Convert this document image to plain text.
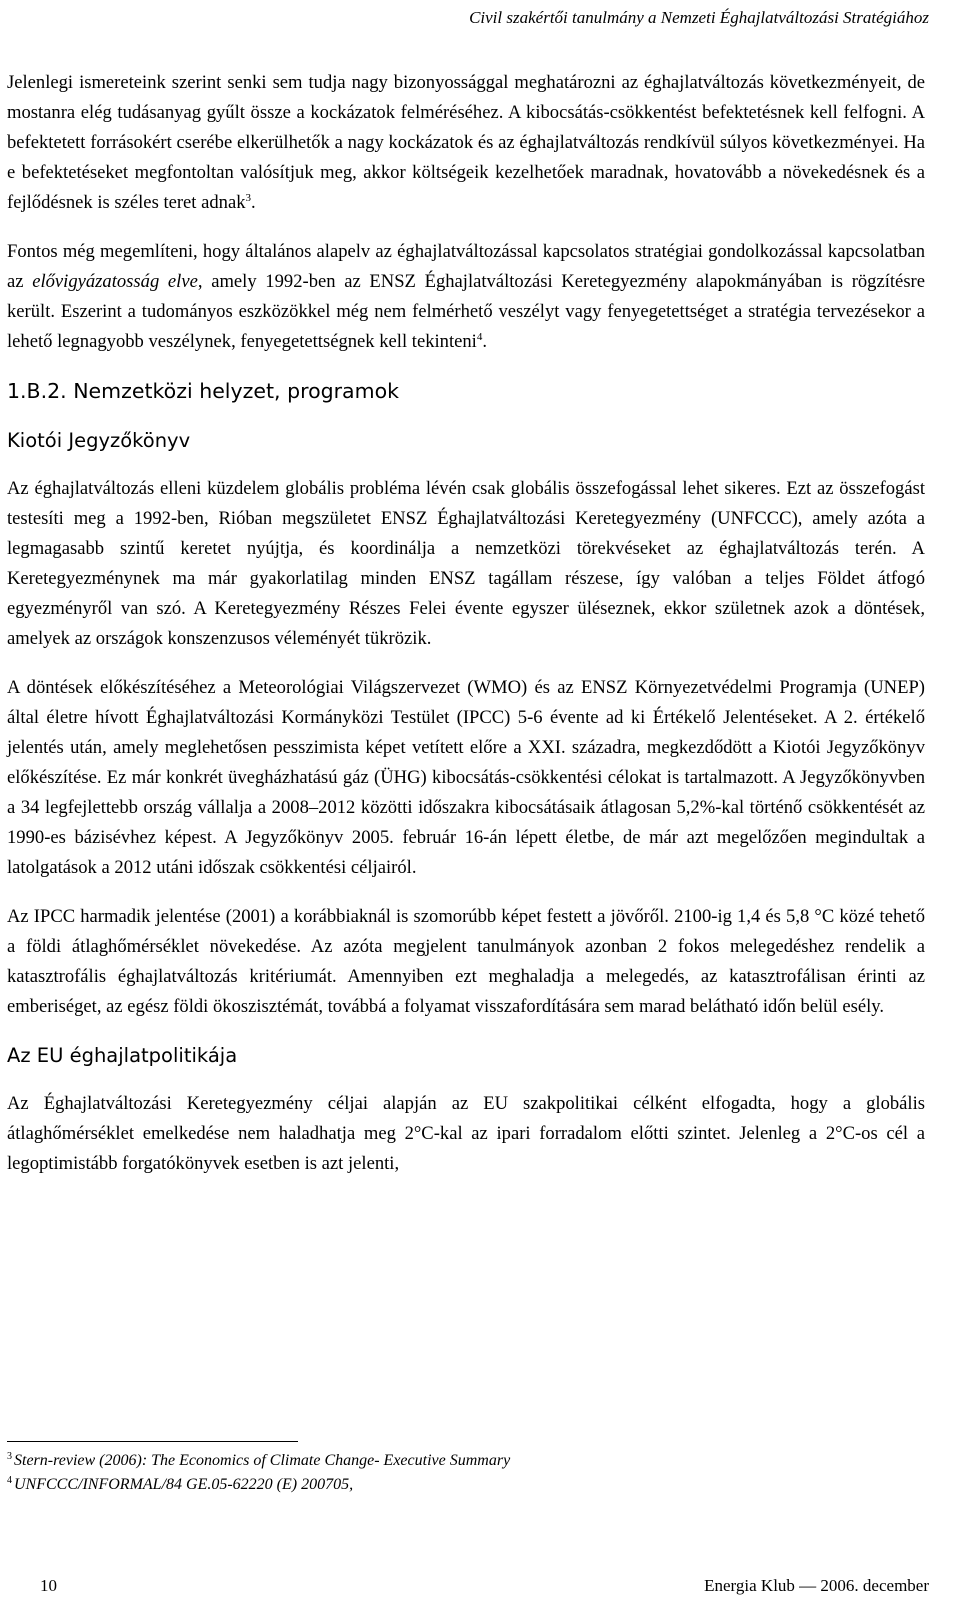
Civil szakértői tanulmány a Nemzeti Éghajlatváltozási Stratégiához

Jelenlegi ismereteink szerint senki sem tudja nagy bizonyossággal meghatározni az éghajlatváltozás következményeit, de mostanra elég tudásanyag gyűlt össze a kockázatok felméréséhez. A kibocsátás-csökkentést befektetésnek kell felfogni. A befektetett forrásokért cserébe elkerülhetők a nagy kockázatok és az éghajlatváltozás rendkívül súlyos következményei. Ha e befektetéseket megfontoltan valósítjuk meg, akkor költségeik kezelhetőek maradnak, hovatovább a növekedésnek és a fejlődésnek is széles teret adnak$^3$.

Fontos még megemlíteni, hogy általános alapelv az éghajlatváltozással kapcsolatos stratégiai gondolkozással kapcsolatban az elővigyázatosság elve, amely 1992-ben az ENSZ Éghajlatváltozási Keretegyezmény alapokmányában is rögzítésre került. Eszerint a tudományos eszközökkel még nem felmérhető veszélyt vagy fenyegetettséget a stratégia tervezésekor a lehető legnagyobb veszélynek, fenyegetettségnek kell tekinteni$^4$.

1.B.2. Nemzetközi helyzet, programok
Kiotói Jegyzőkönyv

Az éghajlatváltozás elleni küzdelem globális probléma lévén csak globális összefogással lehet sikeres. Ezt az összefogást testesíti meg a 1992-ben, Rióban megszületet ENSZ Éghajlatváltozási Keretegyezmény (UNFCCC), amely azóta a legmagasabb szintű keretet nyújtja, és koordinálja a nemzetközi törekvéseket az éghajlatváltozás terén. A Keretegyezménynek ma már gyakorlatilag minden ENSZ tagállam részese, így valóban a teljes Földet átfogó egyezményről van szó. A Keretegyezmény Részes Felei évente egyszer üléseznek, ekkor születnek azok a döntések, amelyek az országok konszenzusos véleményét tükrözik.

A döntések előkészítéséhez a Meteorológiai Világszervezet (WMO) és az ENSZ Környezetvédelmi Programja (UNEP) által életre hívott Éghajlatváltozási Kormányközi Testület (IPCC) 5-6 évente ad ki Értékelő Jelentéseket. A 2. értékelő jelentés után, amely meglehetősen pesszimista képet vetített előre a XXI. századra, megkezdődött a Kiotói Jegyzőkönyv előkészítése. Ez már konkrét üvegházhatású gáz (ÜHG) kibocsátás-csökkentési célokat is tartalmazott. A Jegyzőkönyvben a 34 legfejlettebb ország vállalja a 2008–2012 közötti időszakra kibocsátásaik átlagosan 5,2%-kal történő csökkentését az 1990-es bázisévhez képest. A Jegyzőkönyv 2005. február 16-án lépett életbe, de már azt megelőzően megindultak a latolgatások a 2012 utáni időszak csökkentési céljairól.

Az IPCC harmadik jelentése (2001) a korábbiaknál is szomorúbb képet festett a jövőről. 2100-ig 1,4 és 5,8 °C közé tehető a földi átlaghőmérséklet növekedése. Az azóta megjelent tanulmányok azonban 2 fokos melegedéshez rendelik a katasztrofális éghajlatváltozás kritériumát. Amennyiben ezt meghaladja a melegedés, az katasztrofálisan érinti az emberiséget, az egész földi ökoszisztémát, továbbá a folyamat visszafordítására sem marad belátható időn belül esély.

Az EU éghajlatpolitikája

Az Éghajlatváltozási Keretegyezmény céljai alapján az EU szakpolitikai célként elfogadta, hogy a globális átlaghőmérséklet emelkedése nem haladhatja meg 2°C-kal az ipari forradalom előtti szintet. Jelenleg a 2°C-os cél a legoptimistább forgatókönyvek esetben is azt jelenti,

$^3$ Stern-review (2006): The Economics of Climate Change- Executive Summary
$^4$ UNFCCC/INFORMAL/84 GE.05-62220 (E) 200705,
10	Energia Klub — 2006. december
